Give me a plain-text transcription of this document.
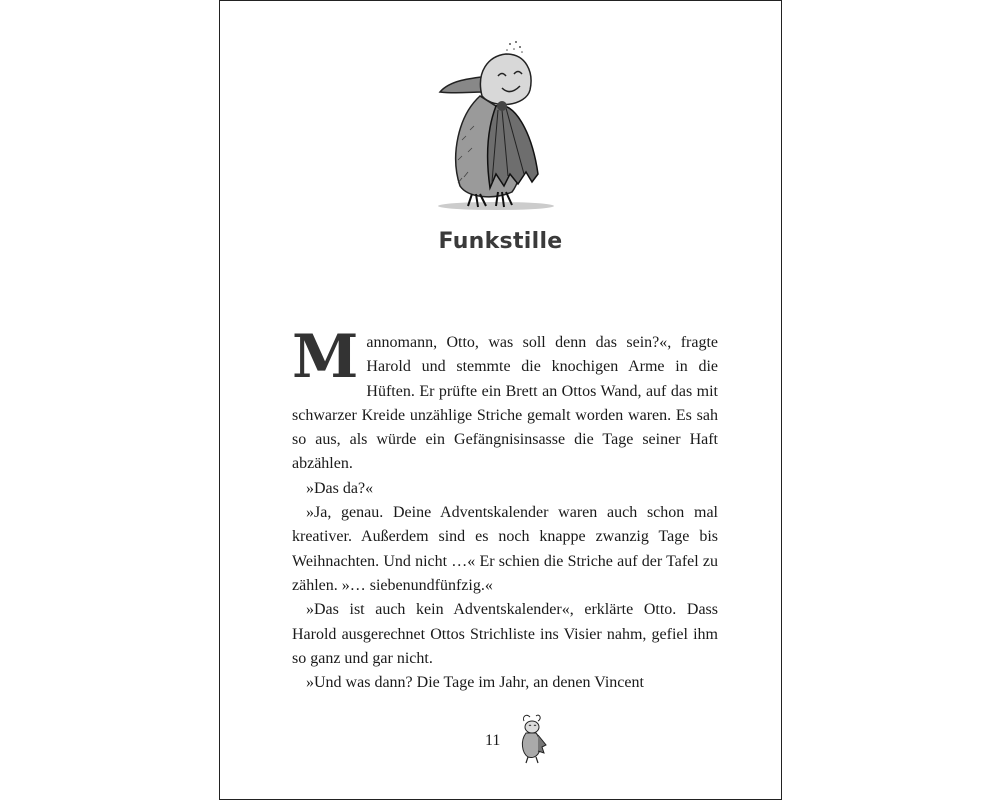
Funkstille

Mannomann, Otto, was soll denn das sein?«, fragte Harold und stemmte die knochigen Arme in die Hüften. Er prüfte ein Brett an Ottos Wand, auf das mit schwarzer Kreide unzählige Striche gemalt worden waren. Es sah so aus, als würde ein Gefängnisinsasse die Tage seiner Haft abzählen.

»Das da?«

»Ja, genau. Deine Adventskalender waren auch schon mal kreativer. Außerdem sind es noch knappe zwanzig Tage bis Weihnachten. Und nicht …« Er schien die Striche auf der Tafel zu zählen. »… siebenundfünfzig.«

»Das ist auch kein Adventskalender«, erklärte Otto. Dass Harold ausgerechnet Ottos Strichliste ins Visier nahm, gefiel ihm so ganz und gar nicht.

»Und was dann? Die Tage im Jahr, an denen Vincent

11
